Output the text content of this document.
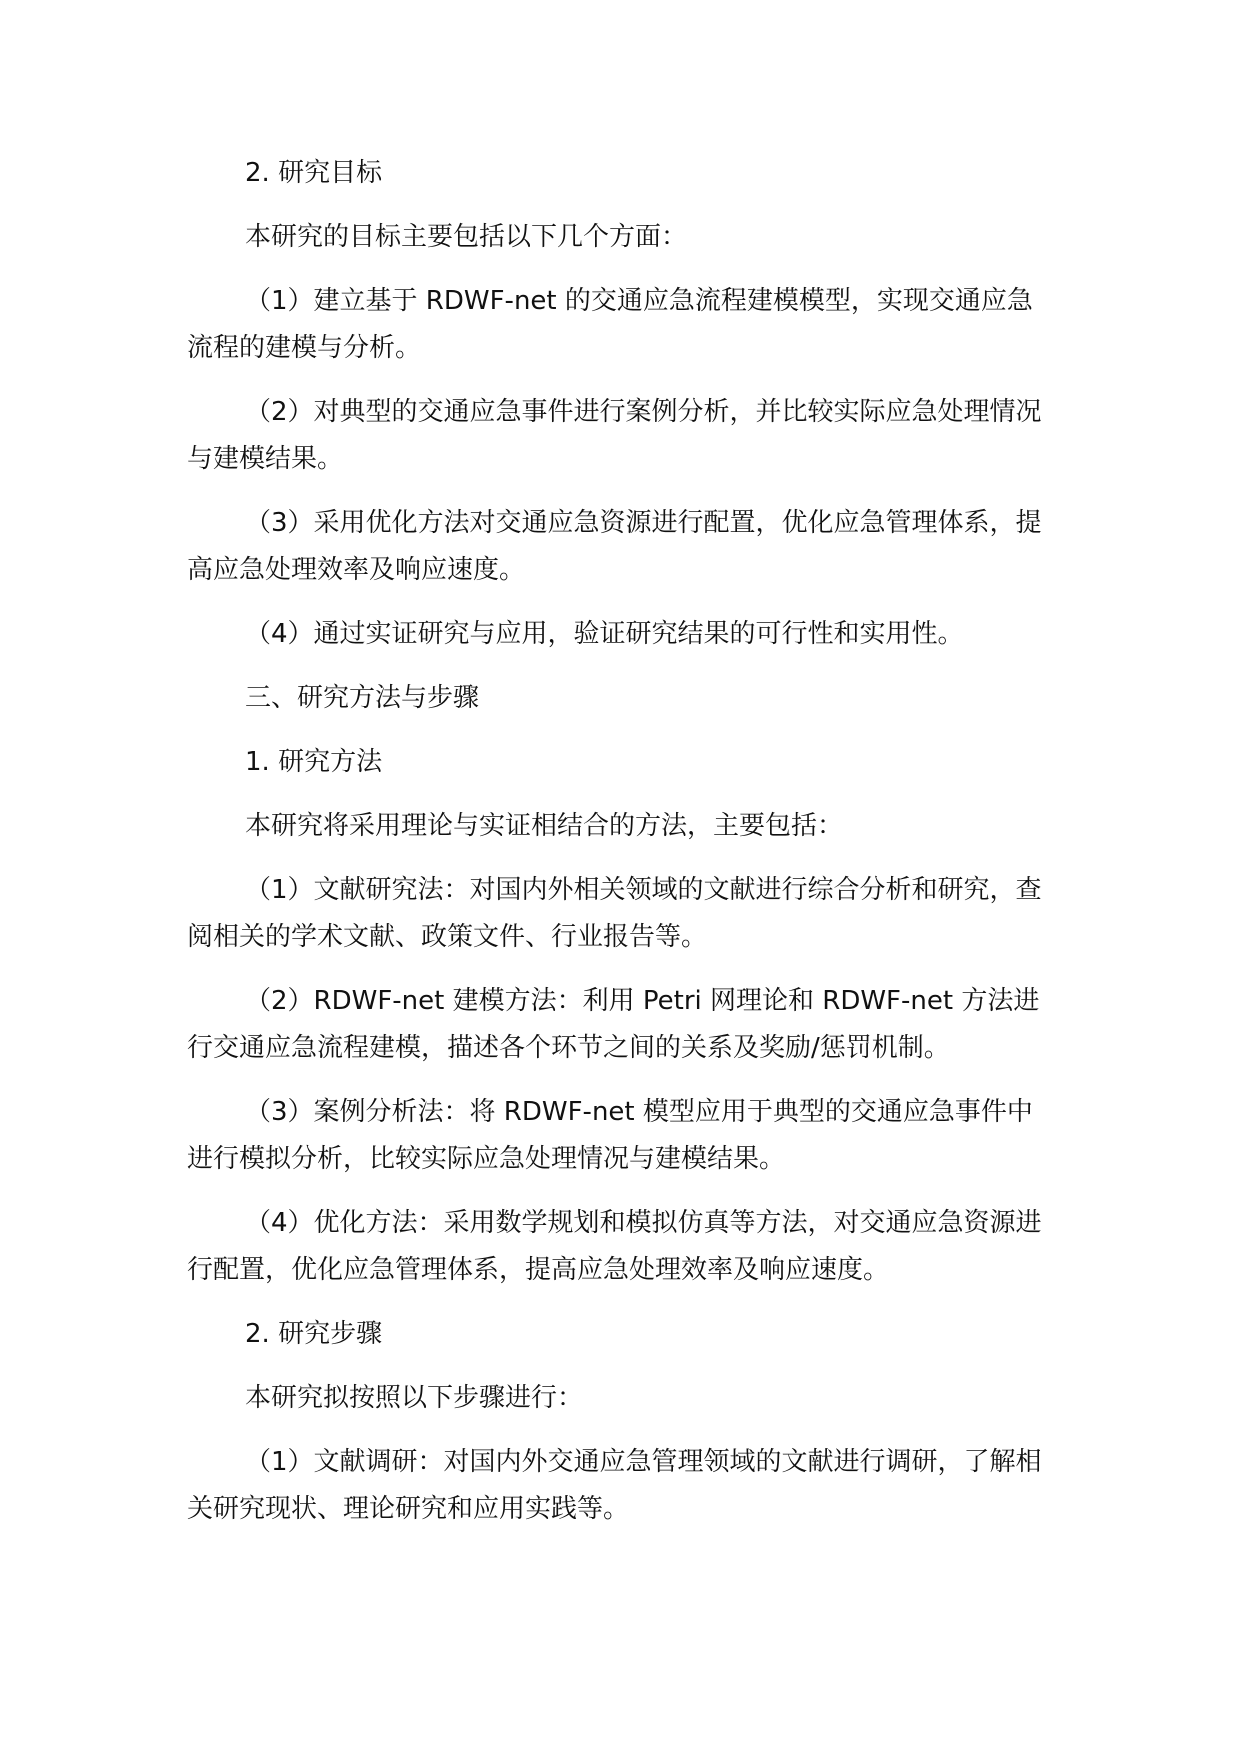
2. 研究目标

本研究的目标主要包括以下几个方面：

（1）建立基于 RDWF-net 的交通应急流程建模模型，实现交通应急流程的建模与分析。

（2）对典型的交通应急事件进行案例分析，并比较实际应急处理情况与建模结果。

（3）采用优化方法对交通应急资源进行配置，优化应急管理体系，提高应急处理效率及响应速度。

（4）通过实证研究与应用，验证研究结果的可行性和实用性。

三、研究方法与步骤

1. 研究方法

本研究将采用理论与实证相结合的方法，主要包括：

（1）文献研究法：对国内外相关领域的文献进行综合分析和研究，查阅相关的学术文献、政策文件、行业报告等。

（2）RDWF-net 建模方法：利用 Petri 网理论和 RDWF-net 方法进行交通应急流程建模，描述各个环节之间的关系及奖励/惩罚机制。

（3）案例分析法：将 RDWF-net 模型应用于典型的交通应急事件中进行模拟分析，比较实际应急处理情况与建模结果。

（4）优化方法：采用数学规划和模拟仿真等方法，对交通应急资源进行配置，优化应急管理体系，提高应急处理效率及响应速度。

2. 研究步骤

本研究拟按照以下步骤进行：

（1）文献调研：对国内外交通应急管理领域的文献进行调研，了解相关研究现状、理论研究和应用实践等。
